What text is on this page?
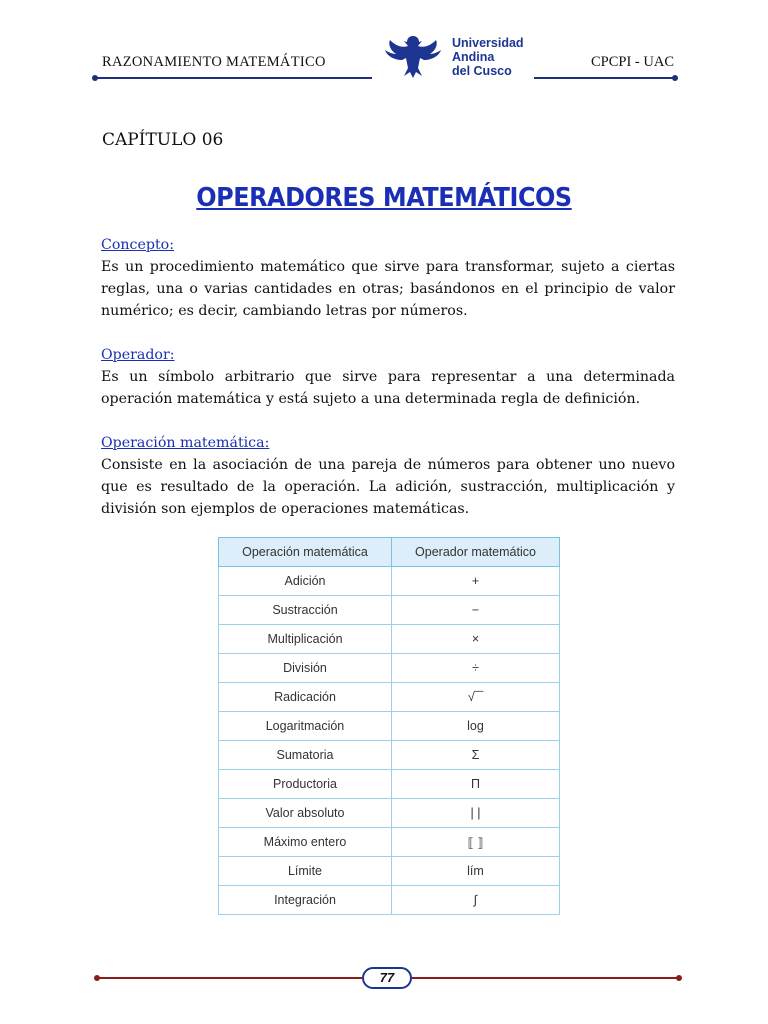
RAZONAMIENTO MATEMÁTICO
Universidad
Andina
del Cusco
CPCPI - UAC
CAPÍTULO 06
OPERADORES MATEMÁTICOS
Concepto:
Es un procedimiento matemático que sirve para transformar, sujeto a ciertas reglas, una o varias cantidades en otras; basándonos en el principio de valor numérico; es decir, cambiando letras por números.
Operador:
Es un símbolo arbitrario que sirve para representar a una determinada operación matemática y está sujeto a una determinada regla de definición.
Operación matemática:
Consiste en la asociación de una pareja de números para obtener uno nuevo que es resultado de la operación. La adición, sustracción, multiplicación y división son ejemplos de operaciones matemáticas.
Operación matemática	Operador matemático
Adición	+
Sustracción	−
Multiplicación	×
División	÷
Radicación	√‾‾
Logaritmación	log
Sumatoria	Σ
Productoria	Π
Valor absoluto	| |
Máximo entero	⟦ ⟧
Límite	lím
Integración	∫
77
